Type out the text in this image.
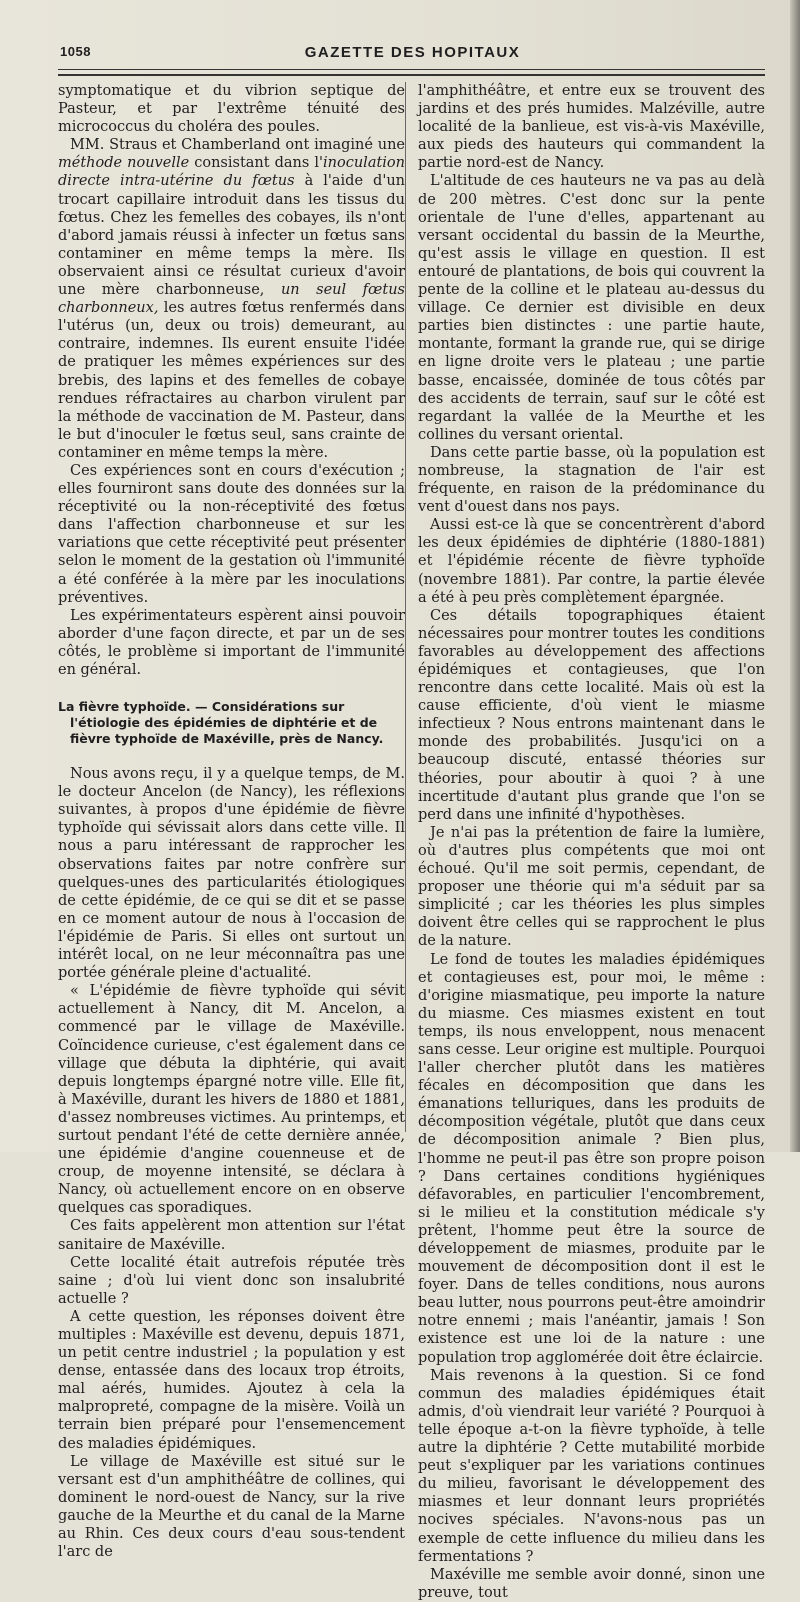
1058	GAZETTE DES HOPITAUX

symptomatique et du vibrion septique de Pasteur, et par l'extrême ténuité des micrococcus du choléra des poules.

MM. Straus et Chamberland ont imaginé une méthode nouvelle consistant dans l'inoculation directe intra-utérine du fœtus à l'aide d'un trocart capillaire introduit dans les tissus du fœtus. Chez les femelles des cobayes, ils n'ont d'abord jamais réussi à infecter un fœtus sans contaminer en même temps la mère. Ils observaient ainsi ce résultat curieux d'avoir une mère charbonneuse, un seul fœtus charbonneux, les autres fœtus renfermés dans l'utérus (un, deux ou trois) demeurant, au contraire, indemnes. Ils eurent ensuite l'idée de pratiquer les mêmes expériences sur des brebis, des lapins et des femelles de cobaye rendues réfractaires au charbon virulent par la méthode de vaccination de M. Pasteur, dans le but d'inoculer le fœtus seul, sans crainte de contaminer en même temps la mère.

Ces expériences sont en cours d'exécution ; elles fourniront sans doute des données sur la réceptivité ou la non-réceptivité des fœtus dans l'affection charbonneuse et sur les variations que cette réceptivité peut présenter selon le moment de la gestation où l'immunité a été conférée à la mère par les inoculations préventives.

Les expérimentateurs espèrent ainsi pouvoir aborder d'une façon directe, et par un de ses côtés, le problème si important de l'immunité en général.

La fièvre typhoïde. — Considérations sur l'étiologie des épidémies de diphtérie et de fièvre typhoïde de Maxéville, près de Nancy.

Nous avons reçu, il y a quelque temps, de M. le docteur Ancelon (de Nancy), les réflexions suivantes, à propos d'une épidémie de fièvre typhoïde qui sévissait alors dans cette ville. Il nous a paru intéressant de rapprocher les observations faites par notre confrère sur quelques-unes des particularités étiologiques de cette épidémie, de ce qui se dit et se passe en ce moment autour de nous à l'occasion de l'épidémie de Paris. Si elles ont surtout un intérêt local, on ne leur méconnaîtra pas une portée générale pleine d'actualité.

« L'épidémie de fièvre typhoïde qui sévit actuellement à Nancy, dit M. Ancelon, a commencé par le village de Maxéville. Coïncidence curieuse, c'est également dans ce village que débuta la diphtérie, qui avait depuis longtemps épargné notre ville. Elle fit, à Maxéville, durant les hivers de 1880 et 1881, d'assez nombreuses victimes. Au printemps, et surtout pendant l'été de cette dernière année, une épidémie d'angine couenneuse et de croup, de moyenne intensité, se déclara à Nancy, où actuellement encore on en observe quelques cas sporadiques.

Ces faits appelèrent mon attention sur l'état sanitaire de Maxéville.

Cette localité était autrefois réputée très saine ; d'où lui vient donc son insalubrité actuelle ?

A cette question, les réponses doivent être multiples : Maxéville est devenu, depuis 1871, un petit centre industriel ; la population y est dense, entassée dans des locaux trop étroits, mal aérés, humides. Ajoutez à cela la malpropreté, compagne de la misère. Voilà un terrain bien préparé pour l'ensemencement des maladies épidémiques.

Le village de Maxéville est situé sur le versant est d'un amphithéâtre de collines, qui dominent le nord-ouest de Nancy, sur la rive gauche de la Meurthe et du canal de la Marne au Rhin. Ces deux cours d'eau sous-tendent l'arc de

l'amphithéâtre, et entre eux se trouvent des jardins et des prés humides. Malzéville, autre localité de la banlieue, est vis-à-vis Maxéville, aux pieds des hauteurs qui commandent la partie nord-est de Nancy.

L'altitude de ces hauteurs ne va pas au delà de 200 mètres. C'est donc sur la pente orientale de l'une d'elles, appartenant au versant occidental du bassin de la Meurthe, qu'est assis le village en question. Il est entouré de plantations, de bois qui couvrent la pente de la colline et le plateau au-dessus du village. Ce dernier est divisible en deux parties bien distinctes : une partie haute, montante, formant la grande rue, qui se dirige en ligne droite vers le plateau ; une partie basse, encaissée, dominée de tous côtés par des accidents de terrain, sauf sur le côté est regardant la vallée de la Meurthe et les collines du versant oriental.

Dans cette partie basse, où la population est nombreuse, la stagnation de l'air est fréquente, en raison de la prédominance du vent d'ouest dans nos pays.

Aussi est-ce là que se concentrèrent d'abord les deux épidémies de diphtérie (1880-1881) et l'épidémie récente de fièvre typhoïde (novembre 1881). Par contre, la partie élevée a été à peu près complètement épargnée.

Ces détails topographiques étaient nécessaires pour montrer toutes les conditions favorables au développement des affections épidémiques et contagieuses, que l'on rencontre dans cette localité. Mais où est la cause efficiente, d'où vient le miasme infectieux ? Nous entrons maintenant dans le monde des probabilités. Jusqu'ici on a beaucoup discuté, entassé théories sur théories, pour aboutir à quoi ? à une incertitude d'autant plus grande que l'on se perd dans une infinité d'hypothèses.

Je n'ai pas la prétention de faire la lumière, où d'autres plus compétents que moi ont échoué. Qu'il me soit permis, cependant, de proposer une théorie qui m'a séduit par sa simplicité ; car les théories les plus simples doivent être celles qui se rapprochent le plus de la nature.

Le fond de toutes les maladies épidémiques et contagieuses est, pour moi, le même : d'origine miasmatique, peu importe la nature du miasme. Ces miasmes existent en tout temps, ils nous enveloppent, nous menacent sans cesse. Leur origine est multiple. Pourquoi l'aller chercher plutôt dans les matières fécales en décomposition que dans les émanations telluriques, dans les produits de décomposition végétale, plutôt que dans ceux de décomposition animale ? Bien plus, l'homme ne peut-il pas être son propre poison ? Dans certaines conditions hygiéniques défavorables, en particulier l'encombrement, si le milieu et la constitution médicale s'y prêtent, l'homme peut être la source de développement de miasmes, produite par le mouvement de décomposition dont il est le foyer. Dans de telles conditions, nous aurons beau lutter, nous pourrons peut-être amoindrir notre ennemi ; mais l'anéantir, jamais ! Son existence est une loi de la nature : une population trop agglomérée doit être éclaircie.

Mais revenons à la question. Si ce fond commun des maladies épidémiques était admis, d'où viendrait leur variété ? Pourquoi à telle époque a-t-on la fièvre typhoïde, à telle autre la diphtérie ? Cette mutabilité morbide peut s'expliquer par les variations continues du milieu, favorisant le développement des miasmes et leur donnant leurs propriétés nocives spéciales. N'avons-nous pas un exemple de cette influence du milieu dans les fermentations ?

Maxéville me semble avoir donné, sinon une preuve, tout
